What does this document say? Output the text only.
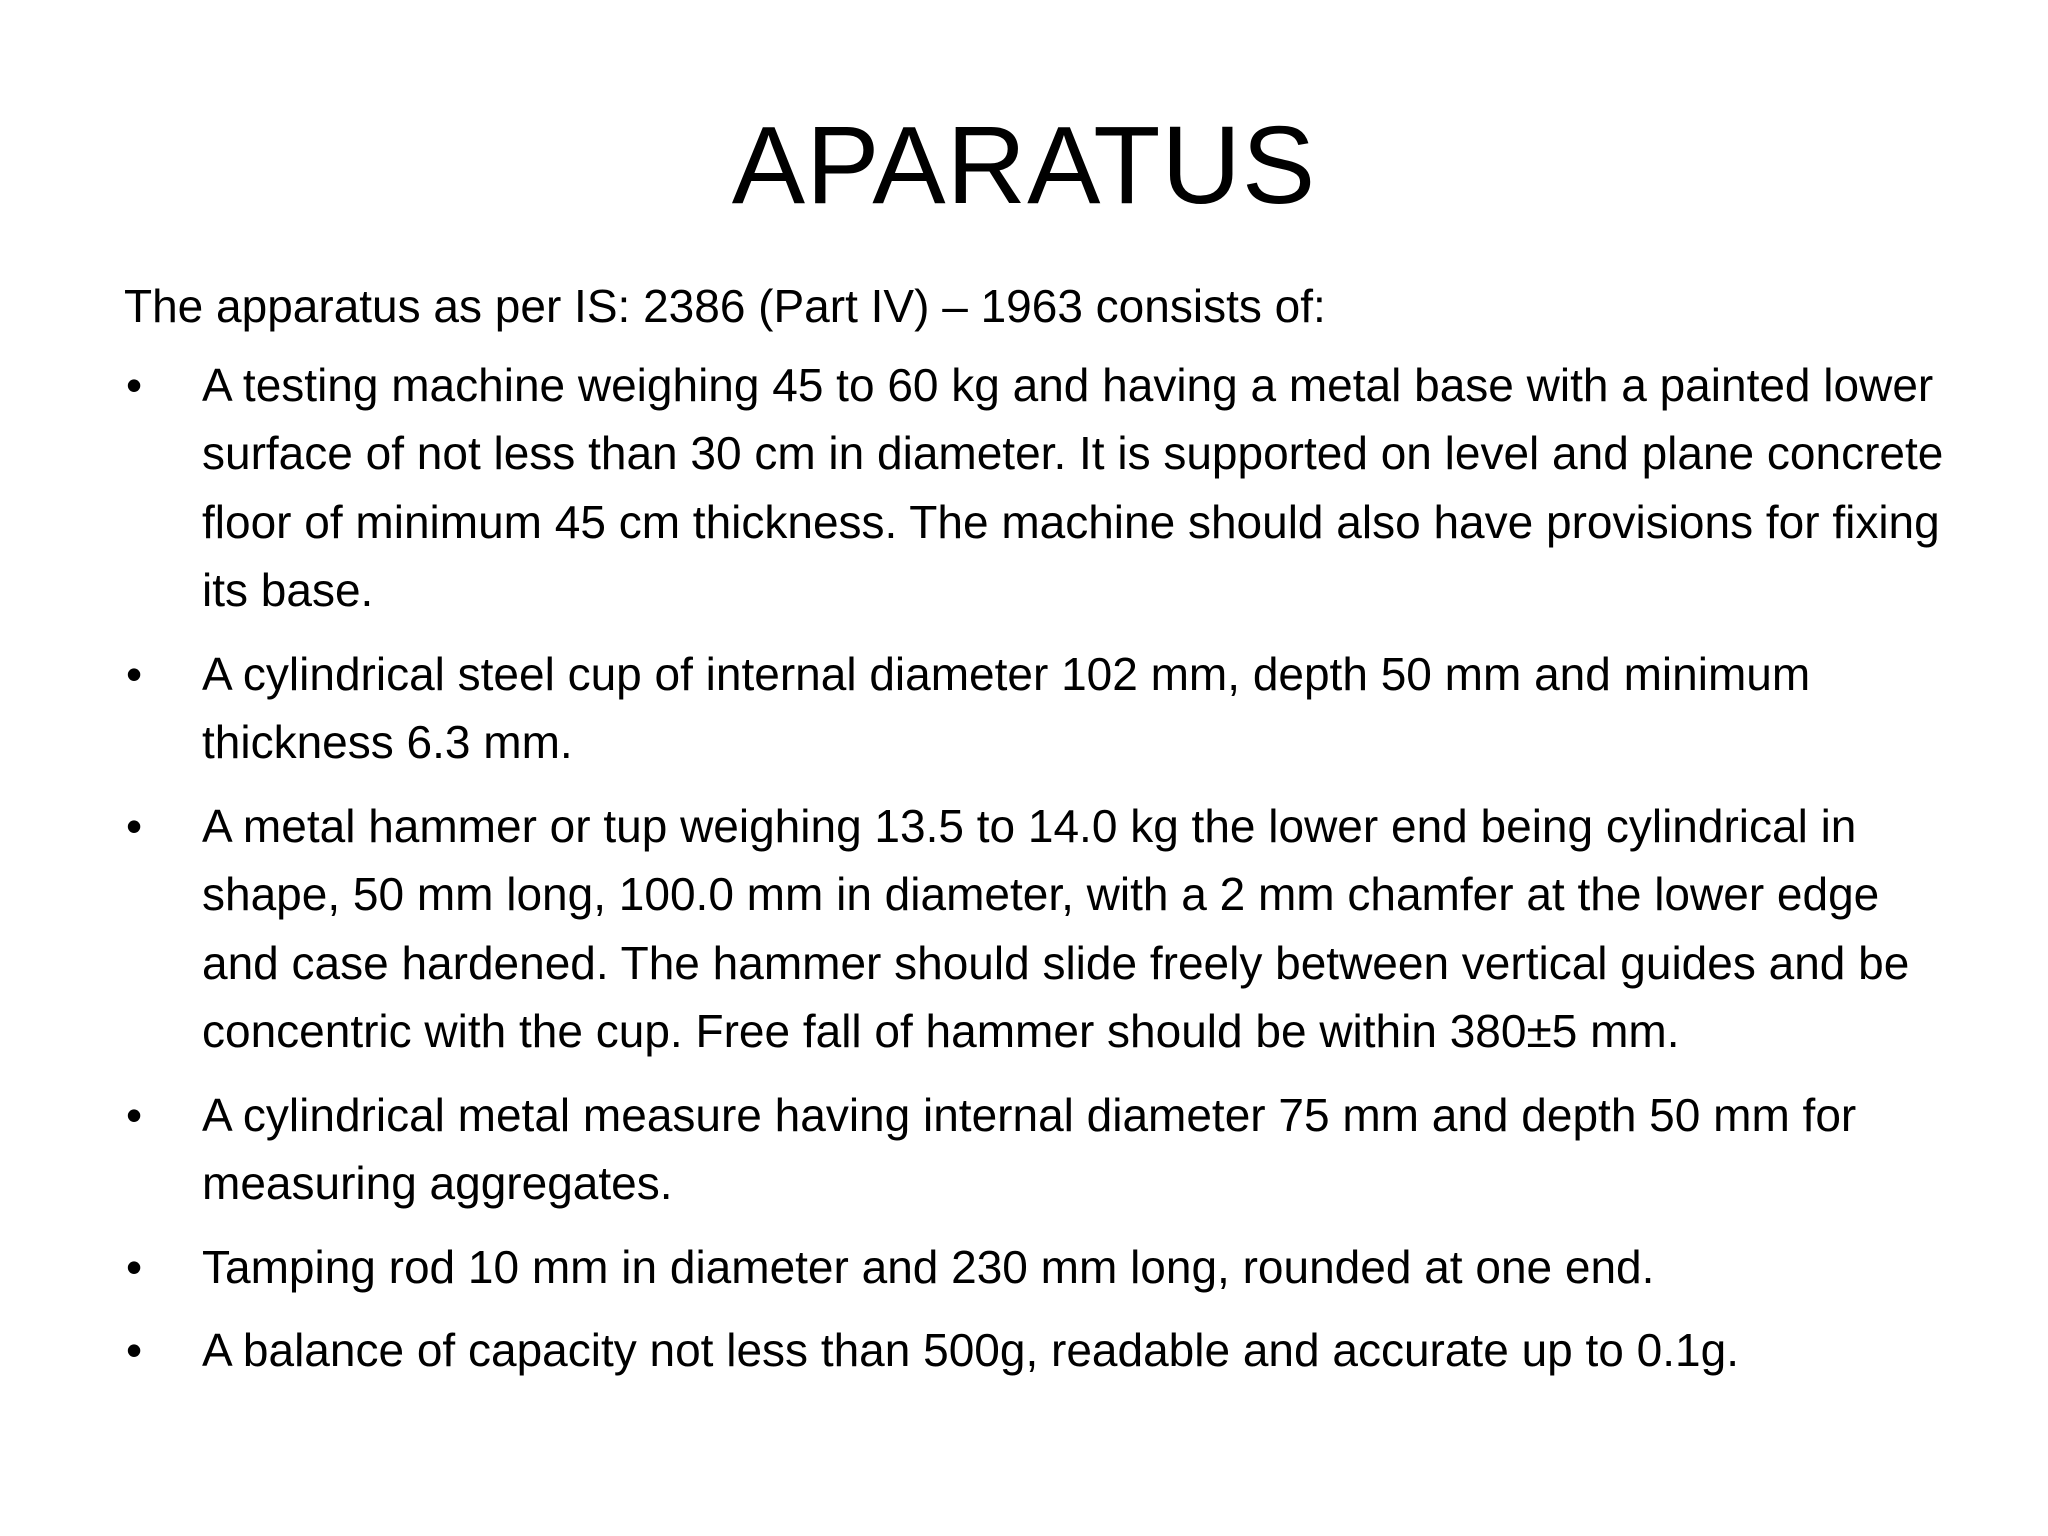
APARATUS

The apparatus as per IS: 2386 (Part IV) – 1963 consists of:

•	A testing machine weighing 45 to 60 kg and having a metal base with a painted lower surface of not less than 30 cm in diameter. It is supported on level and plane concrete floor of minimum 45 cm thickness. The machine should also have provisions for fixing its base.
•	A cylindrical steel cup of internal diameter 102 mm, depth 50 mm and minimum thickness 6.3 mm.
•	A metal hammer or tup weighing 13.5 to 14.0 kg the lower end being cylindrical in shape, 50 mm long, 100.0 mm in diameter, with a 2 mm chamfer at the lower edge and case hardened. The hammer should slide freely between vertical guides and be concentric with the cup. Free fall of hammer should be within 380±5 mm.
•	A cylindrical metal measure having internal diameter 75 mm and depth 50 mm for measuring aggregates.
•	Tamping rod 10 mm in diameter and 230 mm long, rounded at one end.
•	A balance of capacity not less than 500g, readable and accurate up to 0.1g.
